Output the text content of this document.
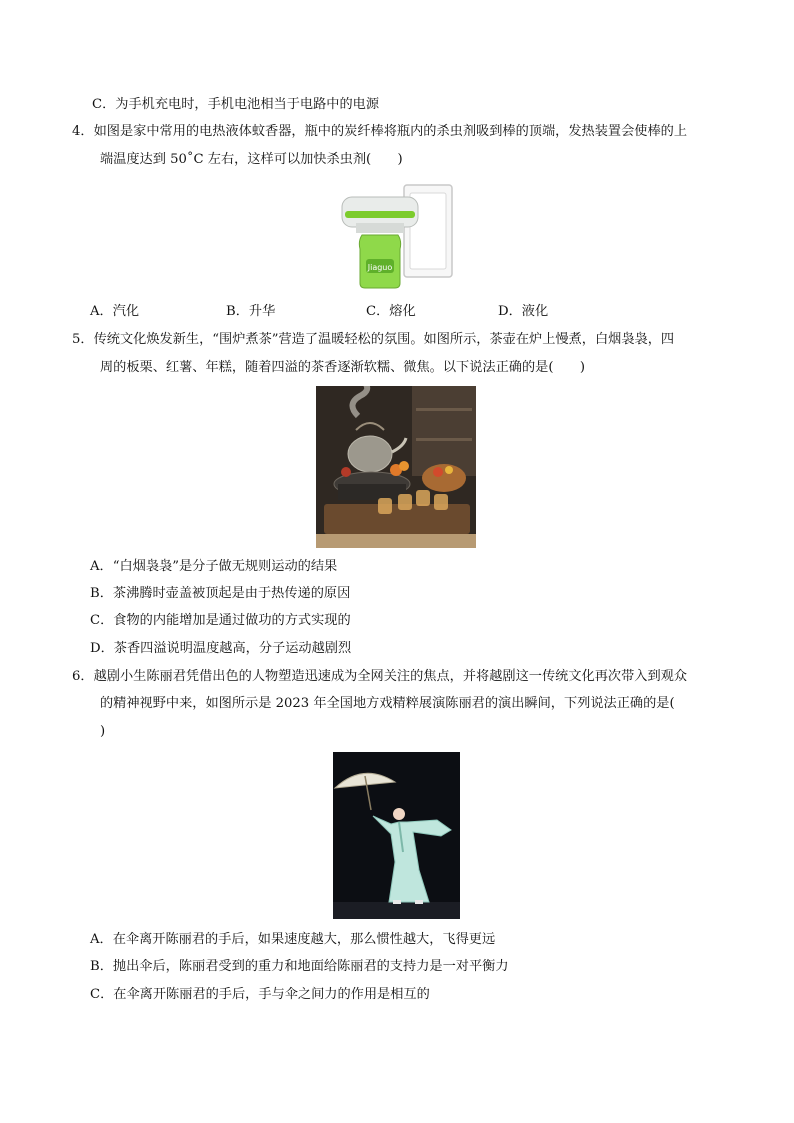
C．为手机充电时，手机电池相当于电路中的电源
4．如图是家中常用的电热液体蚊香器，瓶中的炭纤棒将瓶内的杀虫剂吸到棒的顶端，发热装置会使棒的上
端温度达到 50˚C 左右，这样可以加快杀虫剂(　　)
Jiaguo
A．汽化	B．升华	C．熔化	D．液化
5．传统文化焕发新生，“围炉煮茶”营造了温暖轻松的氛围。如图所示，茶壶在炉上慢煮，白烟袅袅，四
周的板栗、红薯、年糕，随着四溢的茶香逐渐软糯、微焦。以下说法正确的是(　　)
A．“白烟袅袅”是分子做无规则运动的结果
B．茶沸腾时壶盖被顶起是由于热传递的原因
C．食物的内能增加是通过做功的方式实现的
D．茶香四溢说明温度越高，分子运动越剧烈
6．越剧小生陈丽君凭借出色的人物塑造迅速成为全网关注的焦点，并将越剧这一传统文化再次带入到观众
的精神视野中来，如图所示是 2023 年全国地方戏精粹展演陈丽君的演出瞬间，下列说法正确的是(
)
A．在伞离开陈丽君的手后，如果速度越大，那么惯性越大，飞得更远
B．抛出伞后，陈丽君受到的重力和地面给陈丽君的支持力是一对平衡力
C．在伞离开陈丽君的手后，手与伞之间力的作用是相互的
